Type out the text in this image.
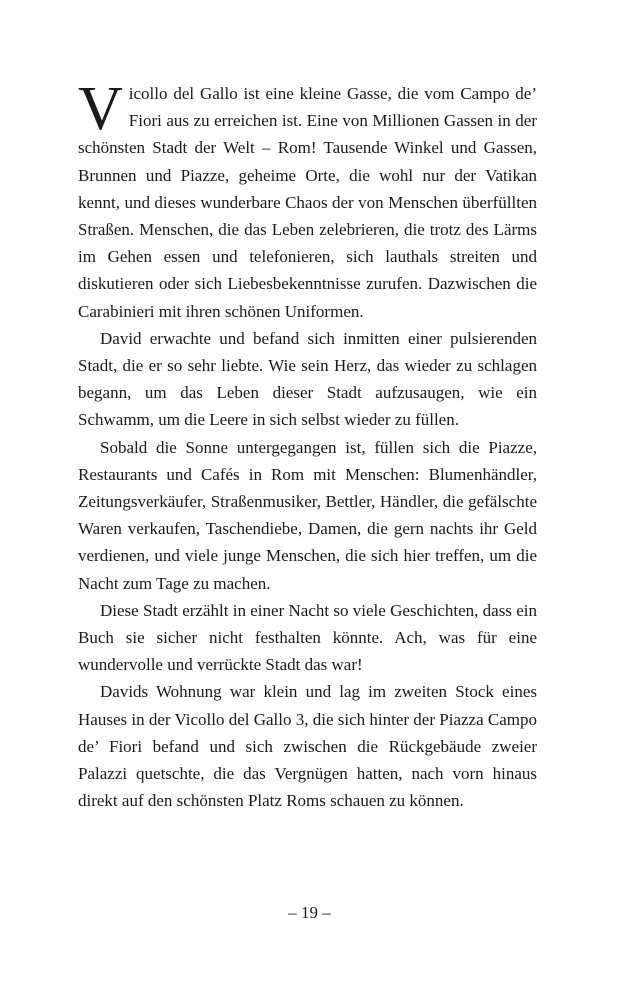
Vicollo del Gallo ist eine kleine Gasse, die vom Campo de’ Fiori aus zu erreichen ist. Eine von Millionen Gassen in der schönsten Stadt der Welt – Rom! Tausende Winkel und Gassen, Brunnen und Piazze, geheime Orte, die wohl nur der Vatikan kennt, und dieses wunderbare Chaos der von Menschen überfüllten Straßen. Menschen, die das Leben zelebrieren, die trotz des Lärms im Gehen essen und telefonieren, sich lauthals streiten und diskutieren oder sich Liebesbekenntnisse zurufen. Dazwischen die Carabinieri mit ihren schönen Uniformen.

David erwachte und befand sich inmitten einer pulsierenden Stadt, die er so sehr liebte. Wie sein Herz, das wieder zu schlagen begann, um das Leben dieser Stadt aufzusaugen, wie ein Schwamm, um die Leere in sich selbst wieder zu füllen.

Sobald die Sonne untergegangen ist, füllen sich die Piazze, Restaurants und Cafés in Rom mit Menschen: Blumenhändler, Zeitungsverkäufer, Straßenmusiker, Bettler, Händler, die gefälschte Waren verkaufen, Taschendiebe, Damen, die gern nachts ihr Geld verdienen, und viele junge Menschen, die sich hier treffen, um die Nacht zum Tage zu machen.

Diese Stadt erzählt in einer Nacht so viele Geschichten, dass ein Buch sie sicher nicht festhalten könnte. Ach, was für eine wundervolle und verrückte Stadt das war!

Davids Wohnung war klein und lag im zweiten Stock eines Hauses in der Vicollo del Gallo 3, die sich hinter der Piazza Campo de’ Fiori befand und sich zwischen die Rückgebäude zweier Palazzi quetschte, die das Vergnügen hatten, nach vorn hinaus direkt auf den schönsten Platz Roms schauen zu können.

– 19 –
